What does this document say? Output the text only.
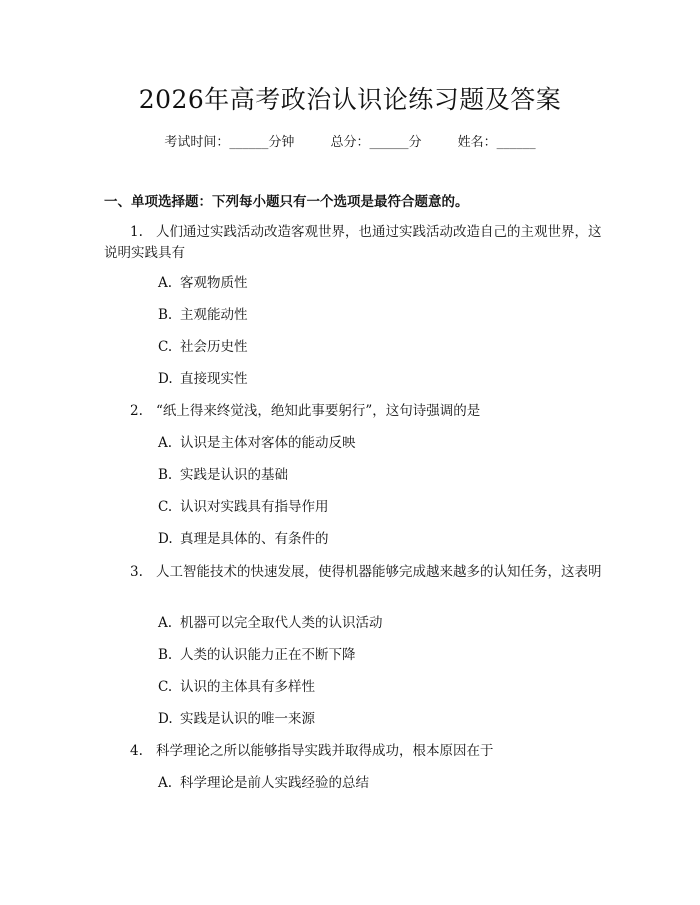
2026年高考政治认识论练习题及答案
考试时间：______分钟	总分：______分	姓名：______
一、单项选择题：下列每小题只有一个选项是最符合题意的。
1. 人们通过实践活动改造客观世界，也通过实践活动改造自己的主观世界，这说明实践具有
A. 客观物质性
B. 主观能动性
C. 社会历史性
D. 直接现实性
2. “纸上得来终觉浅，绝知此事要躬行”，这句诗强调的是
A. 认识是主体对客体的能动反映
B. 实践是认识的基础
C. 认识对实践具有指导作用
D. 真理是具体的、有条件的
3. 人工智能技术的快速发展，使得机器能够完成越来越多的认知任务，这表明
A. 机器可以完全取代人类的认识活动
B. 人类的认识能力正在不断下降
C. 认识的主体具有多样性
D. 实践是认识的唯一来源
4. 科学理论之所以能够指导实践并取得成功，根本原因在于
A. 科学理论是前人实践经验的总结
